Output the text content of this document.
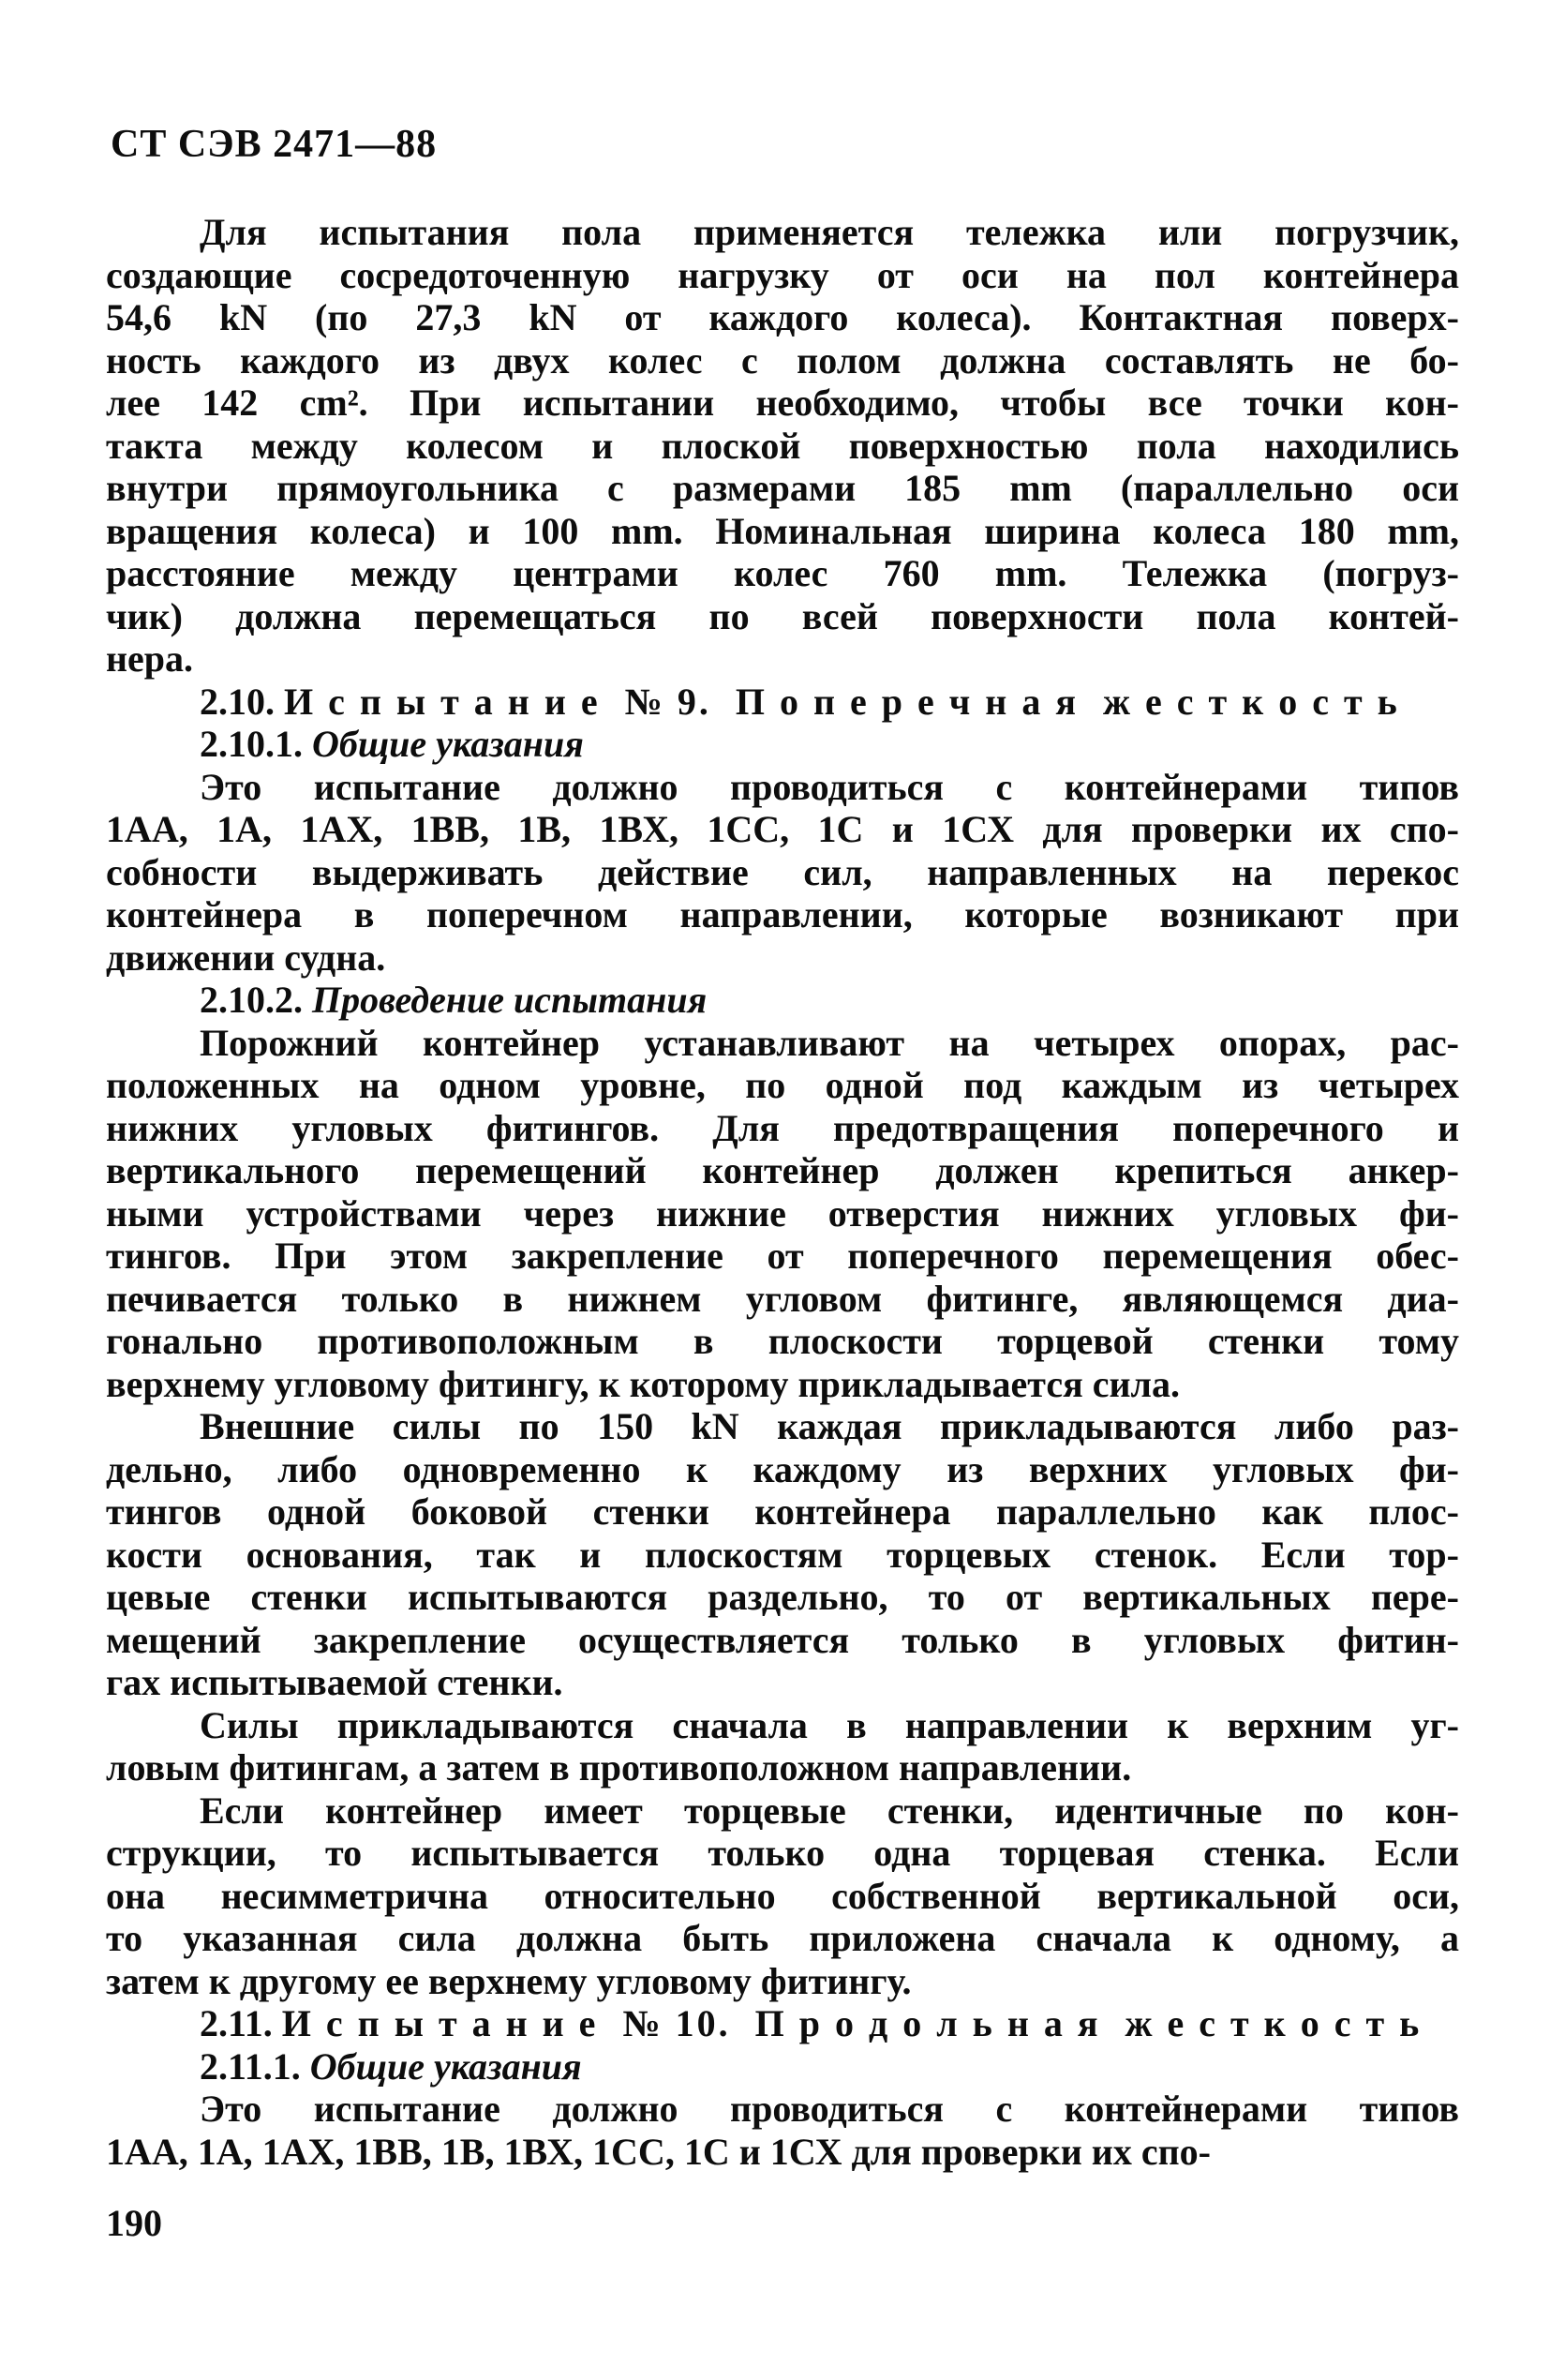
СТ СЭВ 2471—88
Для испытания пола применяется тележка или погрузчик,
создающие сосредоточенную нагрузку от оси на пол контейнера
54,6 kN (по 27,3 kN от каждого колеса). Контактная поверх-
ность каждого из двух колес с полом должна составлять не бо-
лее 142 cm². При испытании необходимо, чтобы все точки кон-
такта между колесом и плоской поверхностью пола находились
внутри прямоугольника с размерами 185 mm (параллельно оси
вращения колеса) и 100 mm. Номинальная ширина колеса 180 mm,
расстояние между центрами колес 760 mm. Тележка (погруз-
чик) должна перемещаться по всей поверхности пола контей-
нера.
2.10. И с п ы т а н и е  № 9.  П о п е р е ч н а я  ж е с т к о с т ь
2.10.1. Общие указания
Это испытание должно проводиться с контейнерами типов
1АА, 1А, 1АХ, 1ВВ, 1В, 1ВХ, 1СС, 1С и 1СХ для проверки их спо-
собности выдерживать действие сил, направленных на перекос
контейнера в поперечном направлении, которые возникают при
движении судна.
2.10.2. Проведение испытания
Порожний контейнер устанавливают на четырех опорах, рас-
положенных на одном уровне, по одной под каждым из четырех
нижних угловых фитингов. Для предотвращения поперечного и
вертикального перемещений контейнер должен крепиться анкер-
ными устройствами через нижние отверстия нижних угловых фи-
тингов. При этом закрепление от поперечного перемещения обес-
печивается только в нижнем угловом фитинге, являющемся диа-
гонально противоположным в плоскости торцевой стенки тому
верхнему угловому фитингу, к которому прикладывается сила.
Внешние силы по 150 kN каждая прикладываются либо раз-
дельно, либо одновременно к каждому из верхних угловых фи-
тингов одной боковой стенки контейнера параллельно как плос-
кости основания, так и плоскостям торцевых стенок. Если тор-
цевые стенки испытываются раздельно, то от вертикальных пере-
мещений закрепление осуществляется только в угловых фитин-
гах испытываемой стенки.
Силы прикладываются сначала в направлении к верхним уг-
ловым фитингам, а затем в противоположном направлении.
Если контейнер имеет торцевые стенки, идентичные по кон-
струкции, то испытывается только одна торцевая стенка. Если
она несимметрична относительно собственной вертикальной оси,
то указанная сила должна быть приложена сначала к одному, а
затем к другому ее верхнему угловому фитингу.
2.11. И с п ы т а н и е  № 10.  П р о д о л ь н а я  ж е с т к о с т ь
2.11.1. Общие указания
Это испытание должно проводиться с контейнерами типов
1АА, 1А, 1АХ, 1ВВ, 1В, 1ВХ, 1СС, 1С и 1СХ для проверки их спо-
190
